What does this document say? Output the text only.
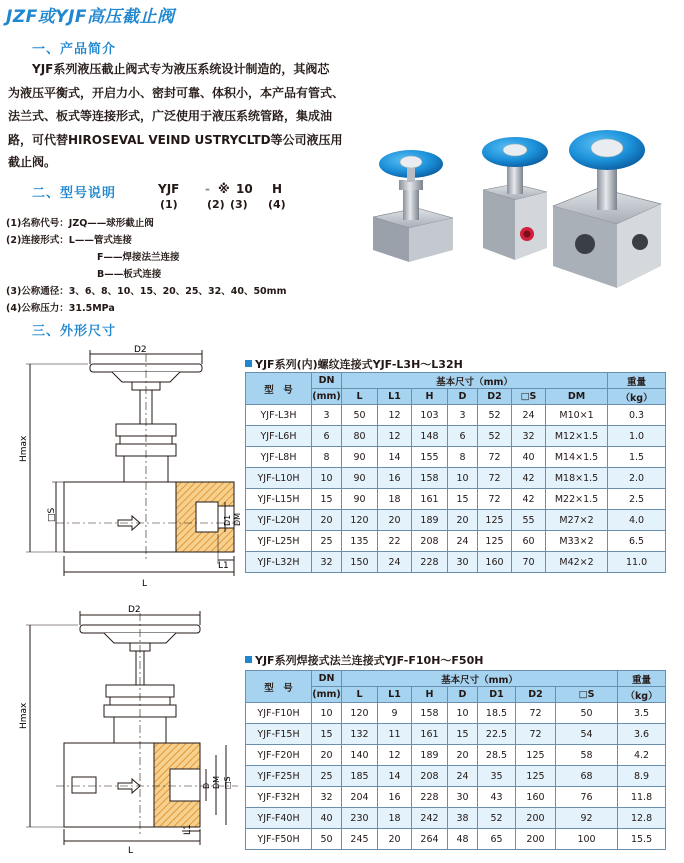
JZF或YJF高压截止阀
一、产品简介
YJF系列液压截止阀式专为液压系统设计制造的，其阀芯
为液压平衡式，开启力小、密封可靠、体积小，本产品有管式、
法兰式、板式等连接形式，广泛使用于液压系统管路，集成油
路，可代替HIROSEVAL VEIND USTRYCLTD等公司液压用
截止阀。
二、型号说明	YJF - ※ 10 H
(1)	(2) (3) (4)
(1)名称代号：JZQ——球形截止阀
(2)连接形式：L——管式连接
F——焊接法兰连接
B——板式连接
(3)公称通径：3、6、8、10、15、20、25、32、40、50mm
(4)公称压力：31.5MPa
三、外形尺寸
D2
Hmax
□S	D1 DM
L1
L
D2
Hmax
□S
D DM
L1
L
YJF系列(内)螺纹连接式YJF-L3H～L32H
型　号	DN	基本尺寸（mm）							重量
	(mm)	L	L1	H	D	D2	□S	DM	（kg）
YJF-L3H	3	50	12	103	3	52	24	M10×1	0.3
YJF-L6H	6	80	12	148	6	52	32	M12×1.5	1.0
YJF-L8H	8	90	14	155	8	72	40	M14×1.5	1.5
YJF-L10H	10	90	16	158	10	72	42	M18×1.5	2.0
YJF-L15H	15	90	18	161	15	72	42	M22×1.5	2.5
YJF-L20H	20	120	20	189	20	125	55	M27×2	4.0
YJF-L25H	25	135	22	208	24	125	60	M33×2	6.5
YJF-L32H	32	150	24	228	30	160	70	M42×2	11.0
YJF系列焊接式法兰连接式YJF-F10H～F50H
型　号	DN	基本尺寸（mm）							重量
	(mm)	L	L1	H	D	D1	D2	□S	（kg）
YJF-F10H	10	120	9	158	10	18.5	72	50	3.5
YJF-F15H	15	132	11	161	15	22.5	72	54	3.6
YJF-F20H	20	140	12	189	20	28.5	125	58	4.2
YJF-F25H	25	185	14	208	24	35	125	68	8.9
YJF-F32H	32	204	16	228	30	43	160	76	11.8
YJF-F40H	40	230	18	242	38	52	200	92	12.8
YJF-F50H	50	245	20	264	48	65	200	100	15.5
